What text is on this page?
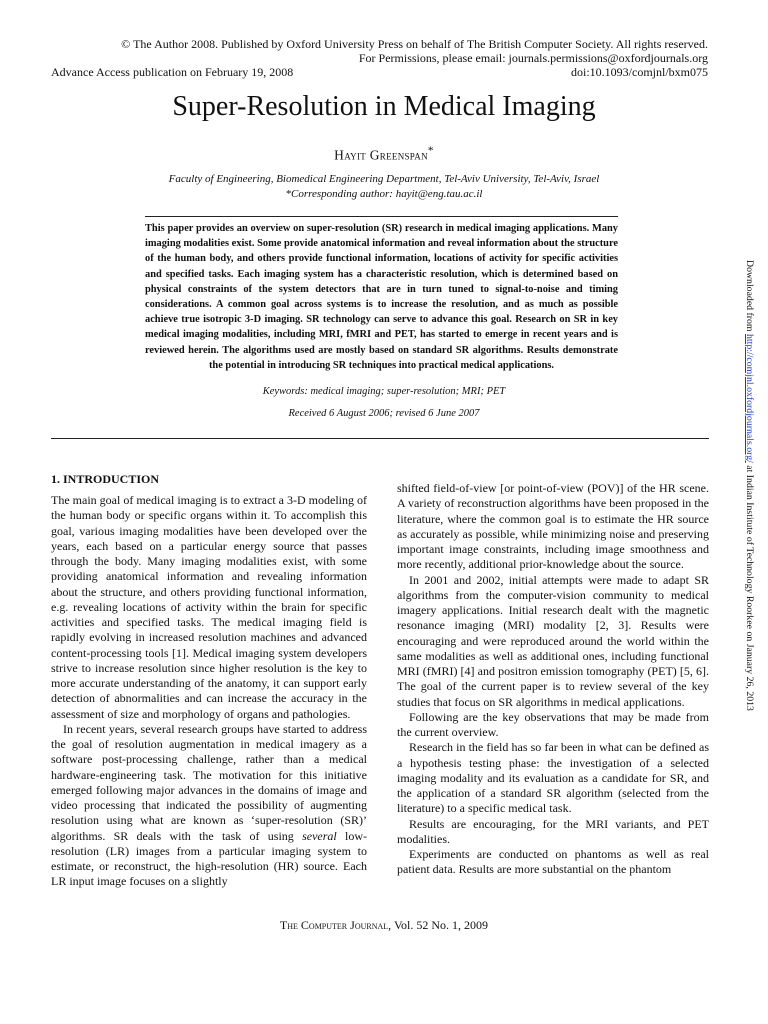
© The Author 2008. Published by Oxford University Press on behalf of The British Computer Society. All rights reserved.
For Permissions, please email: journals.permissions@oxfordjournals.org
Advance Access publication on February 19, 2008	doi:10.1093/comjnl/bxm075
Super-Resolution in Medical Imaging
Hayit Greenspan*
Faculty of Engineering, Biomedical Engineering Department, Tel-Aviv University, Tel-Aviv, Israel
*Corresponding author: hayit@eng.tau.ac.il
This paper provides an overview on super-resolution (SR) research in medical imaging applications. Many imaging modalities exist. Some provide anatomical information and reveal information about the structure of the human body, and others provide functional information, locations of activity for specific activities and specified tasks. Each imaging system has a characteristic resolution, which is determined based on physical constraints of the system detectors that are in turn tuned to signal-to-noise and timing considerations. A common goal across systems is to increase the resolution, and as much as possible achieve true isotropic 3-D imaging. SR technology can serve to advance this goal. Research on SR in key medical imaging modalities, including MRI, fMRI and PET, has started to emerge in recent years and is reviewed herein. The algorithms used are mostly based on standard SR algorithms. Results demonstrate the potential in introducing SR techniques into practical medical applications.
Keywords: medical imaging; super-resolution; MRI; PET
Received 6 August 2006; revised 6 June 2007
1. INTRODUCTION

The main goal of medical imaging is to extract a 3-D modeling of the human body or specific organs within it. To accomplish this goal, various imaging modalities have been developed over the years, each based on a particular energy source that passes through the body. Many imaging modalities exist, with some providing anatomical information and revealing information about the structure, and others providing functional information, e.g. revealing locations of activity within the brain for specific activities and specified tasks. The medical imaging field is rapidly evolving in increased resolution machines and advanced content-processing tools [1]. Medical imaging system developers strive to increase resolution since higher resolution is the key to more accurate understanding of the anatomy, it can support early detection of abnormalities and can increase the accuracy in the assessment of size and morphology of organs and pathologies.

In recent years, several research groups have started to address the goal of resolution augmentation in medical imagery as a software post-processing challenge, rather than a medical hardware-engineering task. The motivation for this initiative emerged following major advances in the domains of image and video processing that indicated the possibility of augmenting resolution using what are known as ‘super-resolution (SR)’ algorithms. SR deals with the task of using several low-resolution (LR) images from a particular imaging system to estimate, or reconstruct, the high-resolution (HR) source. Each LR input image focuses on a slightly

shifted field-of-view [or point-of-view (POV)] of the HR scene. A variety of reconstruction algorithms have been proposed in the literature, where the common goal is to estimate the HR source as accurately as possible, while minimizing noise and preserving important image constraints, including image smoothness and more recently, additional prior-knowledge about the source.

In 2001 and 2002, initial attempts were made to adapt SR algorithms from the computer-vision community to medical imagery applications. Initial research dealt with the magnetic resonance imaging (MRI) modality [2, 3]. Results were encouraging and were reproduced around the world within the same modalities as well as additional ones, including functional MRI (fMRI) [4] and positron emission tomography (PET) [5, 6]. The goal of the current paper is to review several of the key studies that focus on SR algorithms in medical applications.

Following are the key observations that may be made from the current overview.

Research in the field has so far been in what can be defined as a hypothesis testing phase: the investigation of a selected imaging modality and its evaluation as a candidate for SR, and the application of a standard SR algorithm (selected from the literature) to a specific medical task.

Results are encouraging, for the MRI variants, and PET modalities.

Experiments are conducted on phantoms as well as real patient data. Results are more substantial on the phantom

The Computer Journal, Vol. 52 No. 1, 2009
Downloaded from http://comjnl.oxfordjournals.org/ at Indian Institute of Technology Roorkee on January 26, 2013
